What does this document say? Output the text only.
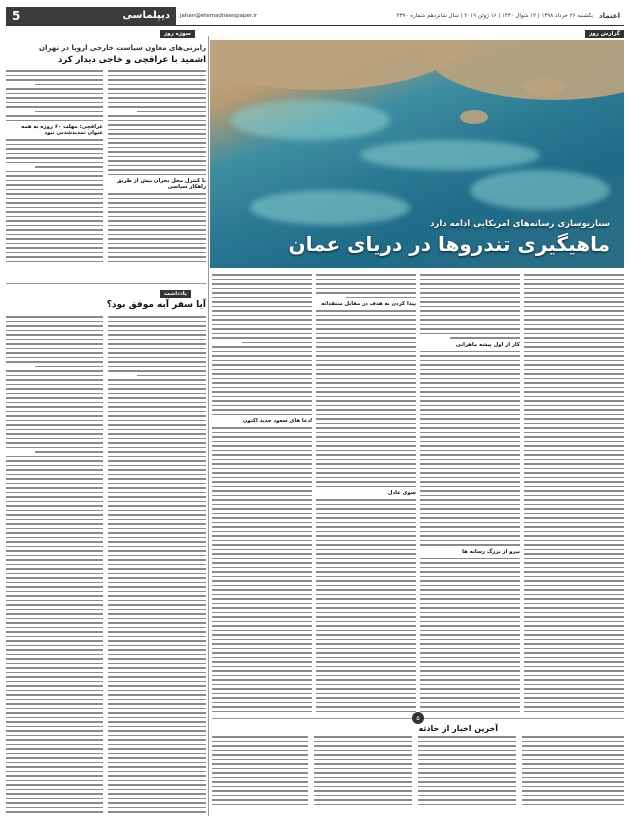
اعتماد
یکشنبه ۲۶ خرداد ۱۳۹۸ | ۱۲ شوال ۱۴۴۰ | ۱۶ ژوئن ۲۰۱۹ | سال شانزدهم شماره ۴۳۷۰
jahan@etemadnewspaper.ir
دیپلماسی
5
گزارش روز
سوژه روز
یادداشت
سناریوسازی رسانه‌های امریکایی ادامه دارد
ماهیگیری تندروها در دریای عمان
رایزنی‌های معاون سیاست خارجی اروپا در تهران
اشمید با عراقچی و خاجی دیدار کرد
عراقچی: مهلت ۶۰ روزه به همه عنوان تمدیدشدنی نبود
با کنترل محل بحران بیش از طریق راهکار سیاسی
آیا سفر آبه موفق بود؟
ادعا های سعود جدید اکنون
پیدا کردن به هدف در مقابل منتقدانه
سوی عادل
کار از اول پیشه ماهرانی
نیرو از بزرگ رسانه ها
۵
آخرین اخبار از حادثه
